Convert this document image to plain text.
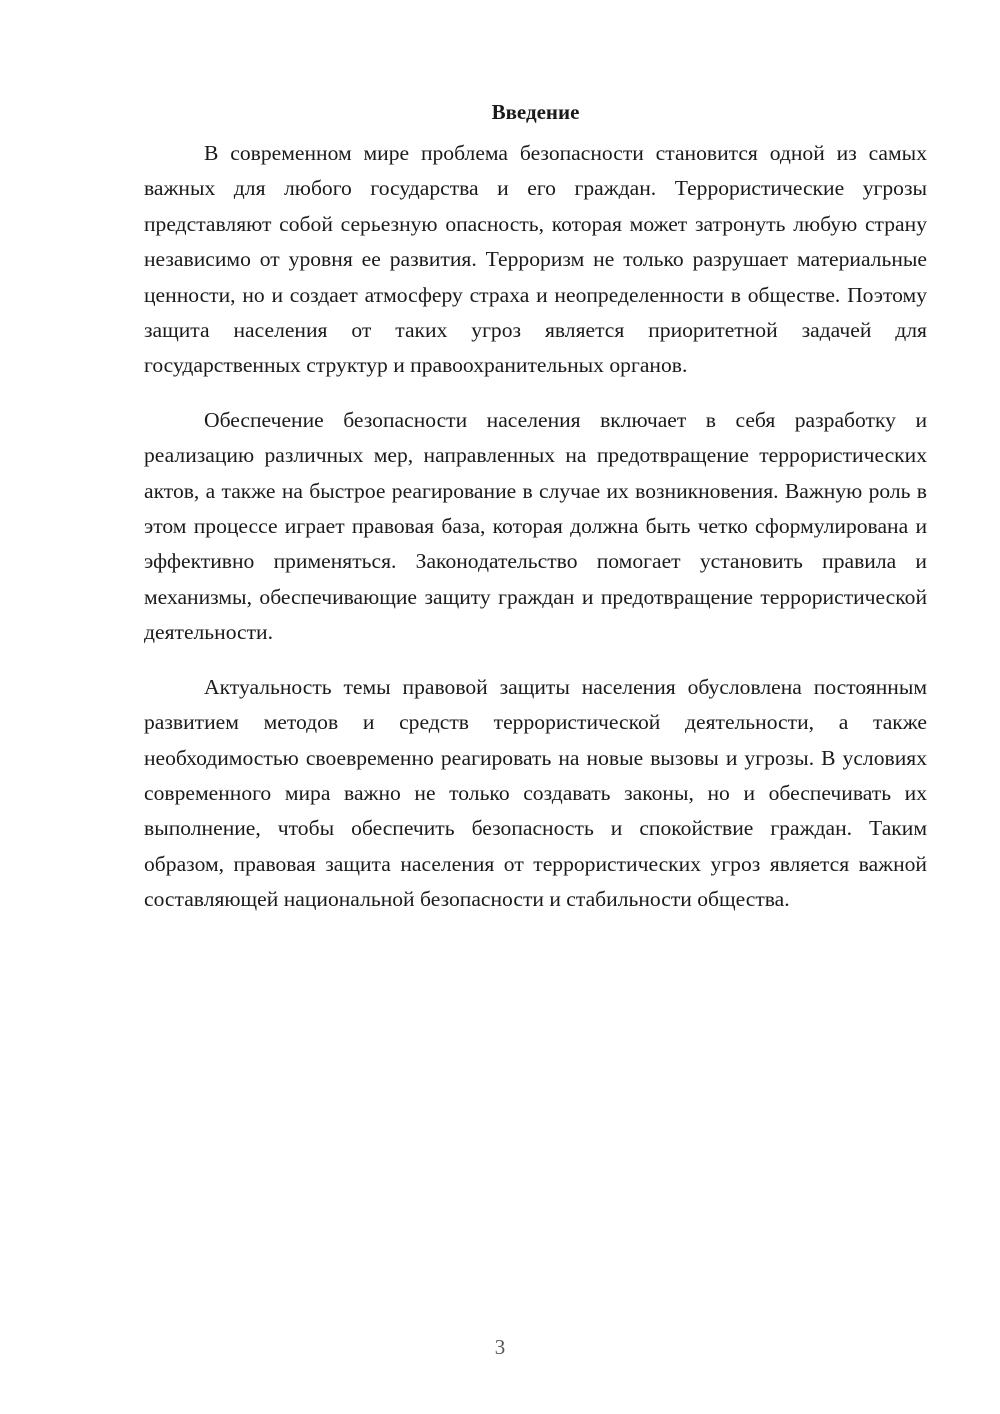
Введение

В современном мире проблема безопасности становится одной из самых важных для любого государства и его граждан. Террористические угрозы представляют собой серьезную опасность, которая может затронуть любую страну независимо от уровня ее развития. Терроризм не только разрушает материальные ценности, но и создает атмосферу страха и неопределенности в обществе. Поэтому защита населения от таких угроз является приоритетной задачей для государственных структур и правоохранительных органов.

Обеспечение безопасности населения включает в себя разработку и реализацию различных мер, направленных на предотвращение террористических актов, а также на быстрое реагирование в случае их возникновения. Важную роль в этом процессе играет правовая база, которая должна быть четко сформулирована и эффективно применяться. Законодательство помогает установить правила и механизмы, обеспечивающие защиту граждан и предотвращение террористической деятельности.

Актуальность темы правовой защиты населения обусловлена постоянным развитием методов и средств террористической деятельности, а также необходимостью своевременно реагировать на новые вызовы и угрозы. В условиях современного мира важно не только создавать законы, но и обеспечивать их выполнение, чтобы обеспечить безопасность и спокойствие граждан. Таким образом, правовая защита населения от террористических угроз является важной составляющей национальной безопасности и стабильности общества.

3
